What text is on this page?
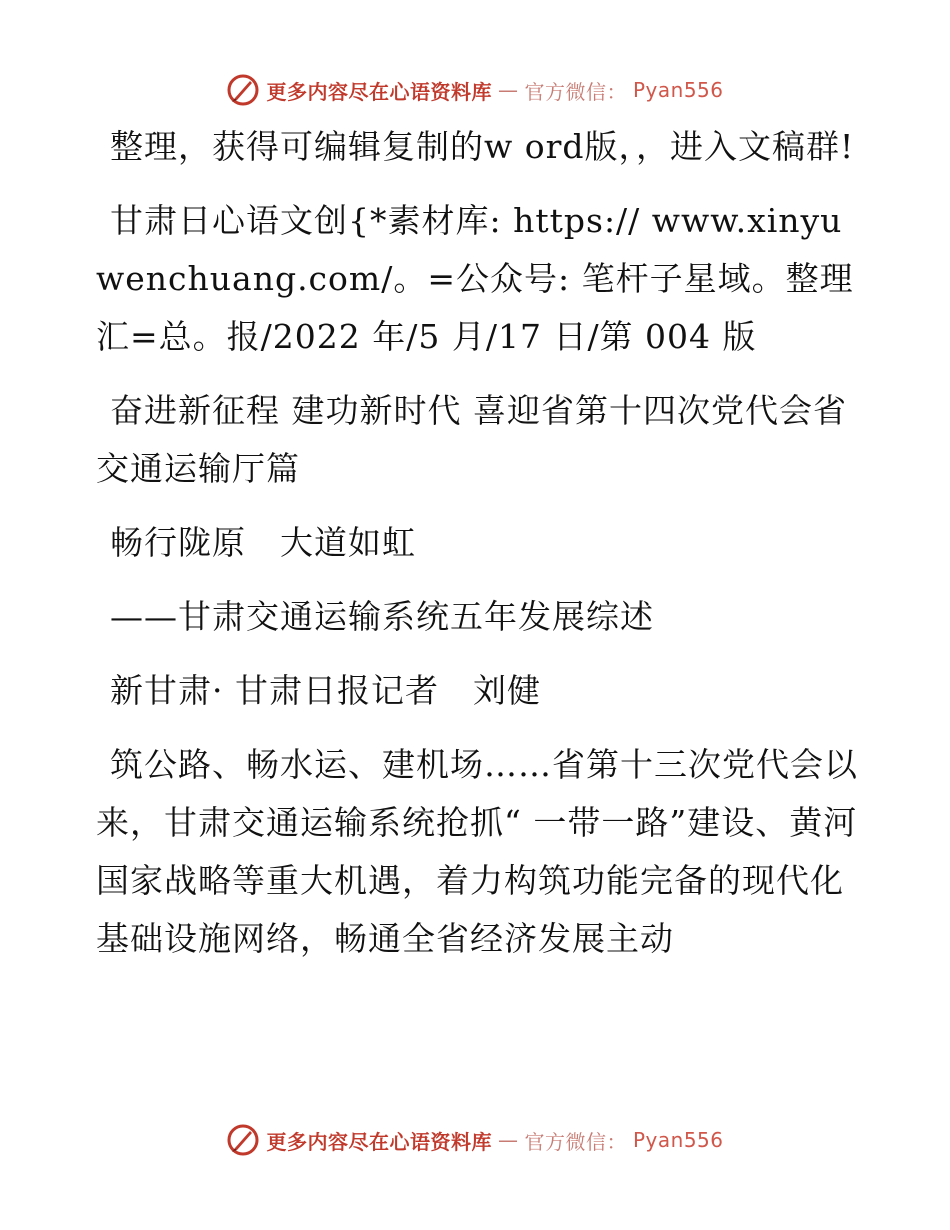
更多内容尽在心语资料库 — 官方微信： Pyan556

整理，获得可编辑复制的w ord版，，进入文稿群!

甘肃日心语文创{*素材库: https:// www.xinyuwenchuang.com/。=公众号: 笔杆子星域。整理汇=总。报/2022 年/5 月/17 日/第 004 版

奋进新征程 建功新时代 喜迎省第十四次党代会省交通运输厅篇

畅行陇原　大道如虹

——甘肃交通运输系统五年发展综述

新甘肃· 甘肃日报记者　刘健

筑公路、畅水运、建机场……省第十三次党代会以来，甘肃交通运输系统抢抓“ 一带一路”建设、黄河国家战略等重大机遇，着力构筑功能完备的现代化基础设施网络，畅通全省经济发展主动

更多内容尽在心语资料库 — 官方微信： Pyan556
